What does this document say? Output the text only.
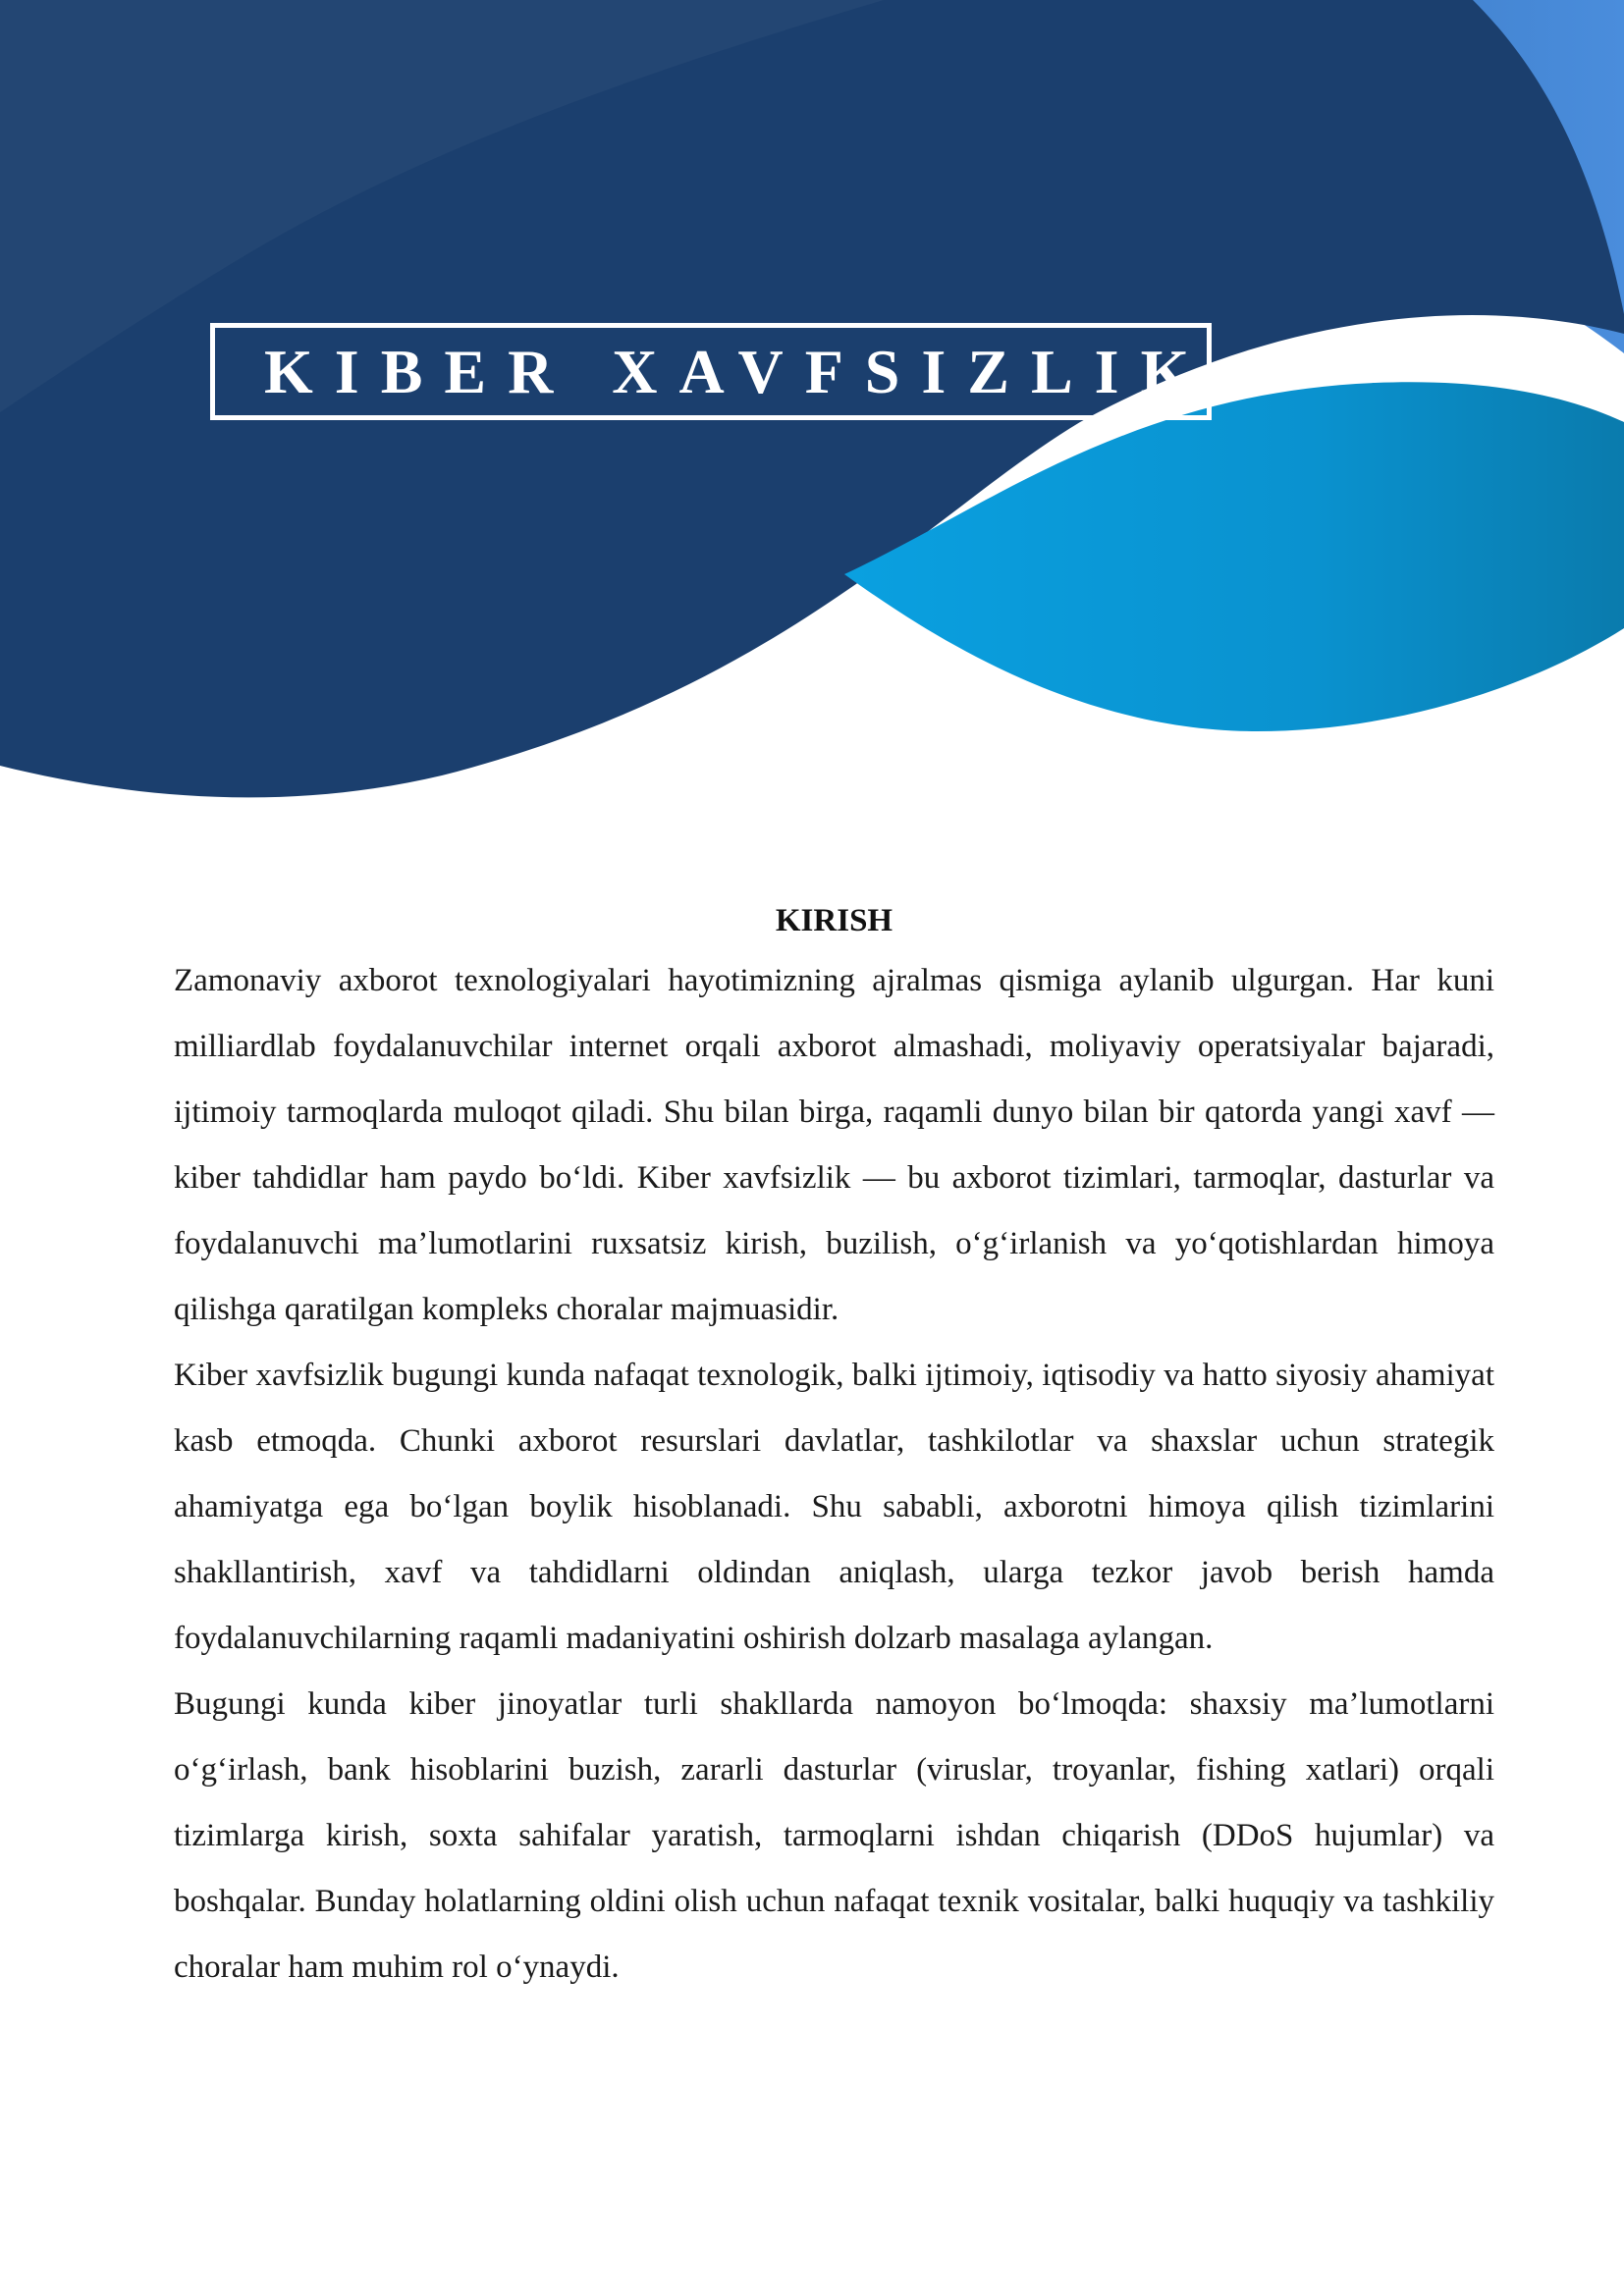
KIBER XAVFSIZLIK
KIRISH

Zamonaviy axborot texnologiyalari hayotimizning ajralmas qismiga aylanib ulgurgan. Har kuni milliardlab foydalanuvchilar internet orqali axborot almashadi, moliyaviy operatsiyalar bajaradi, ijtimoiy tarmoqlarda muloqot qiladi. Shu bilan birga, raqamli dunyo bilan bir qatorda yangi xavf — kiber tahdidlar ham paydo bo‘ldi. Kiber xavfsizlik — bu axborot tizimlari, tarmoqlar, dasturlar va foydalanuvchi ma’lumotlarini ruxsatsiz kirish, buzilish, o‘g‘irlanish va yo‘qotishlardan himoya qilishga qaratilgan kompleks choralar majmuasidir.

Kiber xavfsizlik bugungi kunda nafaqat texnologik, balki ijtimoiy, iqtisodiy va hatto siyosiy ahamiyat kasb etmoqda. Chunki axborot resurslari davlatlar, tashkilotlar va shaxslar uchun strategik ahamiyatga ega bo‘lgan boylik hisoblanadi. Shu sababli, axborotni himoya qilish tizimlarini shakllantirish, xavf va tahdidlarni oldindan aniqlash, ularga tezkor javob berish hamda foydalanuvchilarning raqamli madaniyatini oshirish dolzarb masalaga aylangan.

Bugungi kunda kiber jinoyatlar turli shakllarda namoyon bo‘lmoqda: shaxsiy ma’lumotlarni o‘g‘irlash, bank hisoblarini buzish, zararli dasturlar (viruslar, troyanlar, fishing xatlari) orqali tizimlarga kirish, soxta sahifalar yaratish, tarmoqlarni ishdan chiqarish (DDoS hujumlar) va boshqalar. Bunday holatlarning oldini olish uchun nafaqat texnik vositalar, balki huquqiy va tashkiliy choralar ham muhim rol o‘ynaydi.
